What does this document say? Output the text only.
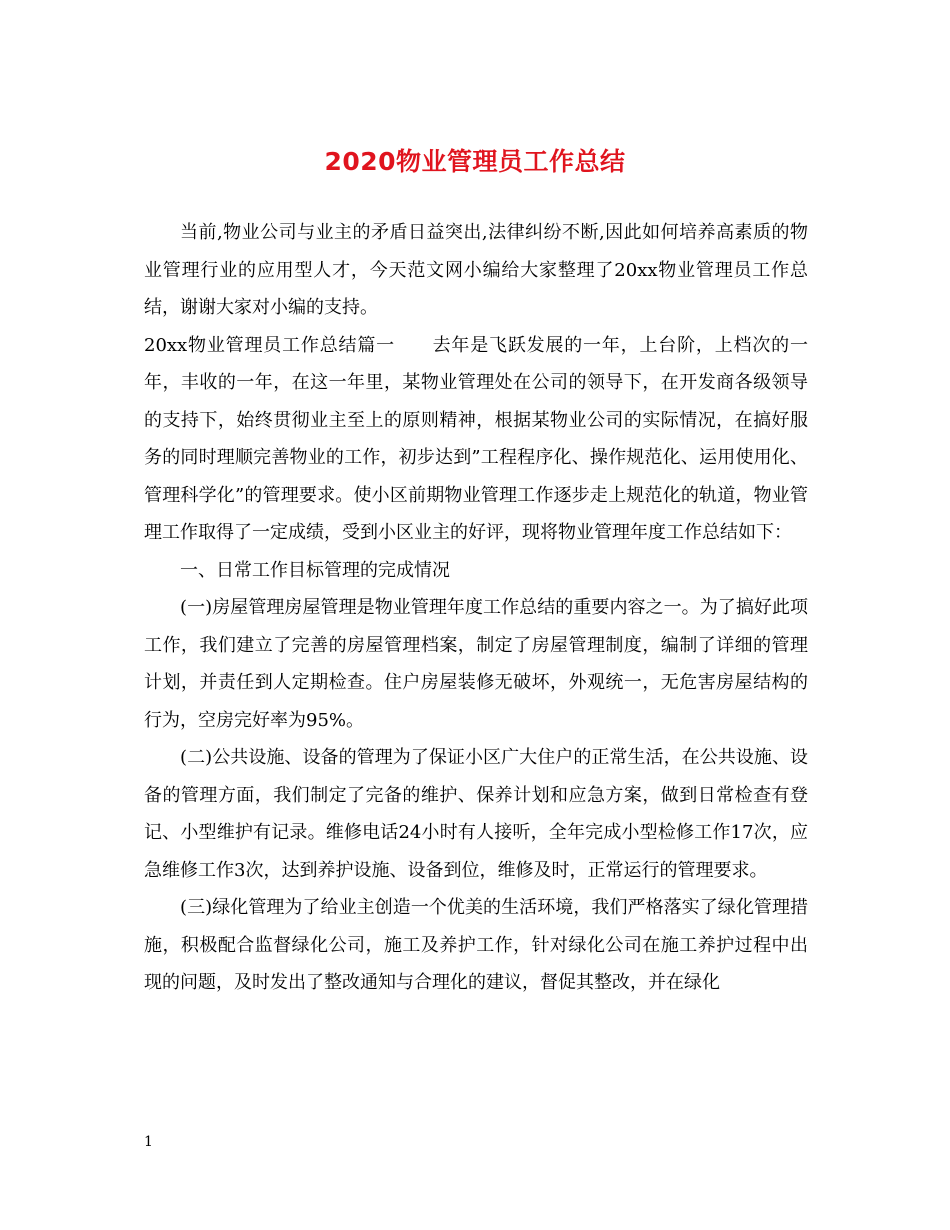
2020物业管理员工作总结

当前,物业公司与业主的矛盾日益突出,法律纠纷不断,因此如何培养高素质的物业管理行业的应用型人才，今天范文网小编给大家整理了20xx物业管理员工作总结，谢谢大家对小编的支持。

20xx物业管理员工作总结篇一　　去年是飞跃发展的一年，上台阶，上档次的一年，丰收的一年，在这一年里，某物业管理处在公司的领导下，在开发商各级领导的支持下，始终贯彻业主至上的原则精神，根据某物业公司的实际情况，在搞好服务的同时理顺完善物业的工作，初步达到”工程程序化、操作规范化、运用使用化、管理科学化”的管理要求。使小区前期物业管理工作逐步走上规范化的轨道，物业管理工作取得了一定成绩，受到小区业主的好评，现将物业管理年度工作总结如下：

一、日常工作目标管理的完成情况

(一)房屋管理房屋管理是物业管理年度工作总结的重要内容之一。为了搞好此项工作，我们建立了完善的房屋管理档案，制定了房屋管理制度，编制了详细的管理计划，并责任到人定期检查。住户房屋装修无破坏，外观统一，无危害房屋结构的行为，空房完好率为95%。

(二)公共设施、设备的管理为了保证小区广大住户的正常生活，在公共设施、设备的管理方面，我们制定了完备的维护、保养计划和应急方案，做到日常检查有登记、小型维护有记录。维修电话24小时有人接听，全年完成小型检修工作17次，应急维修工作3次，达到养护设施、设备到位，维修及时，正常运行的管理要求。

(三)绿化管理为了给业主创造一个优美的生活环境，我们严格落实了绿化管理措施，积极配合监督绿化公司，施工及养护工作，针对绿化公司在施工养护过程中出现的问题，及时发出了整改通知与合理化的建议，督促其整改，并在绿化

1
